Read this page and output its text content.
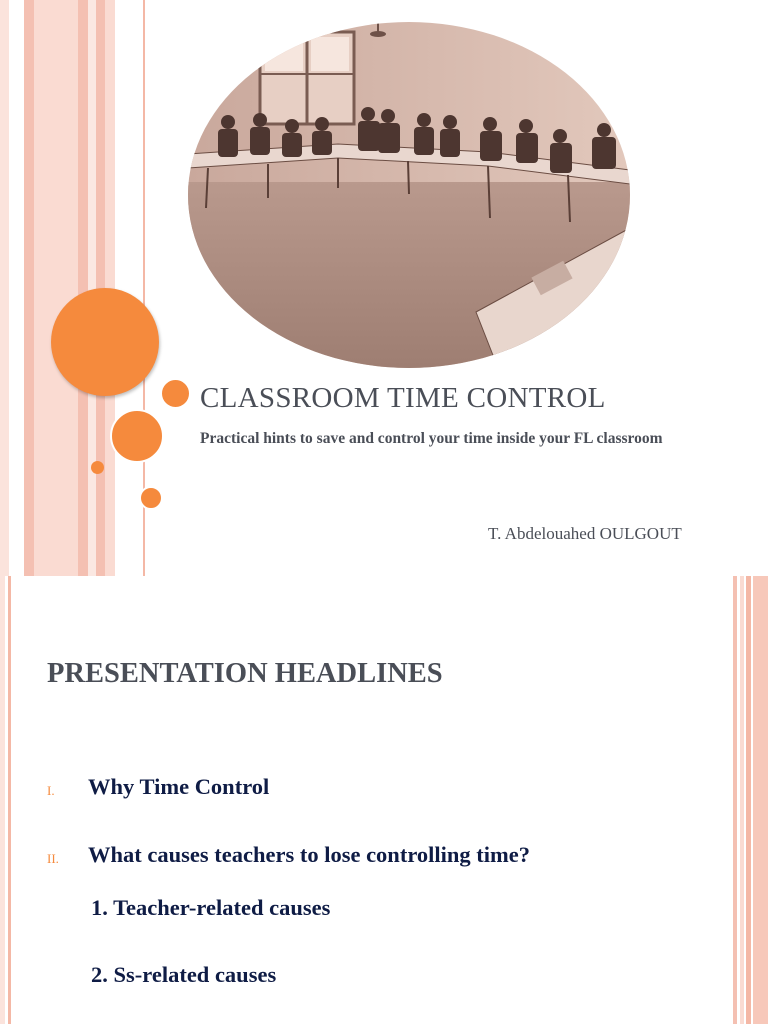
CLASSROOM TIME CONTROL

Practical hints to save and control your time inside your FL classroom

T. Abdelouahed OULGOUT

PRESENTATION HEADLINES
I. Why Time Control
II. What causes teachers to lose controlling time?
1. Teacher-related causes
2. Ss-related causes
